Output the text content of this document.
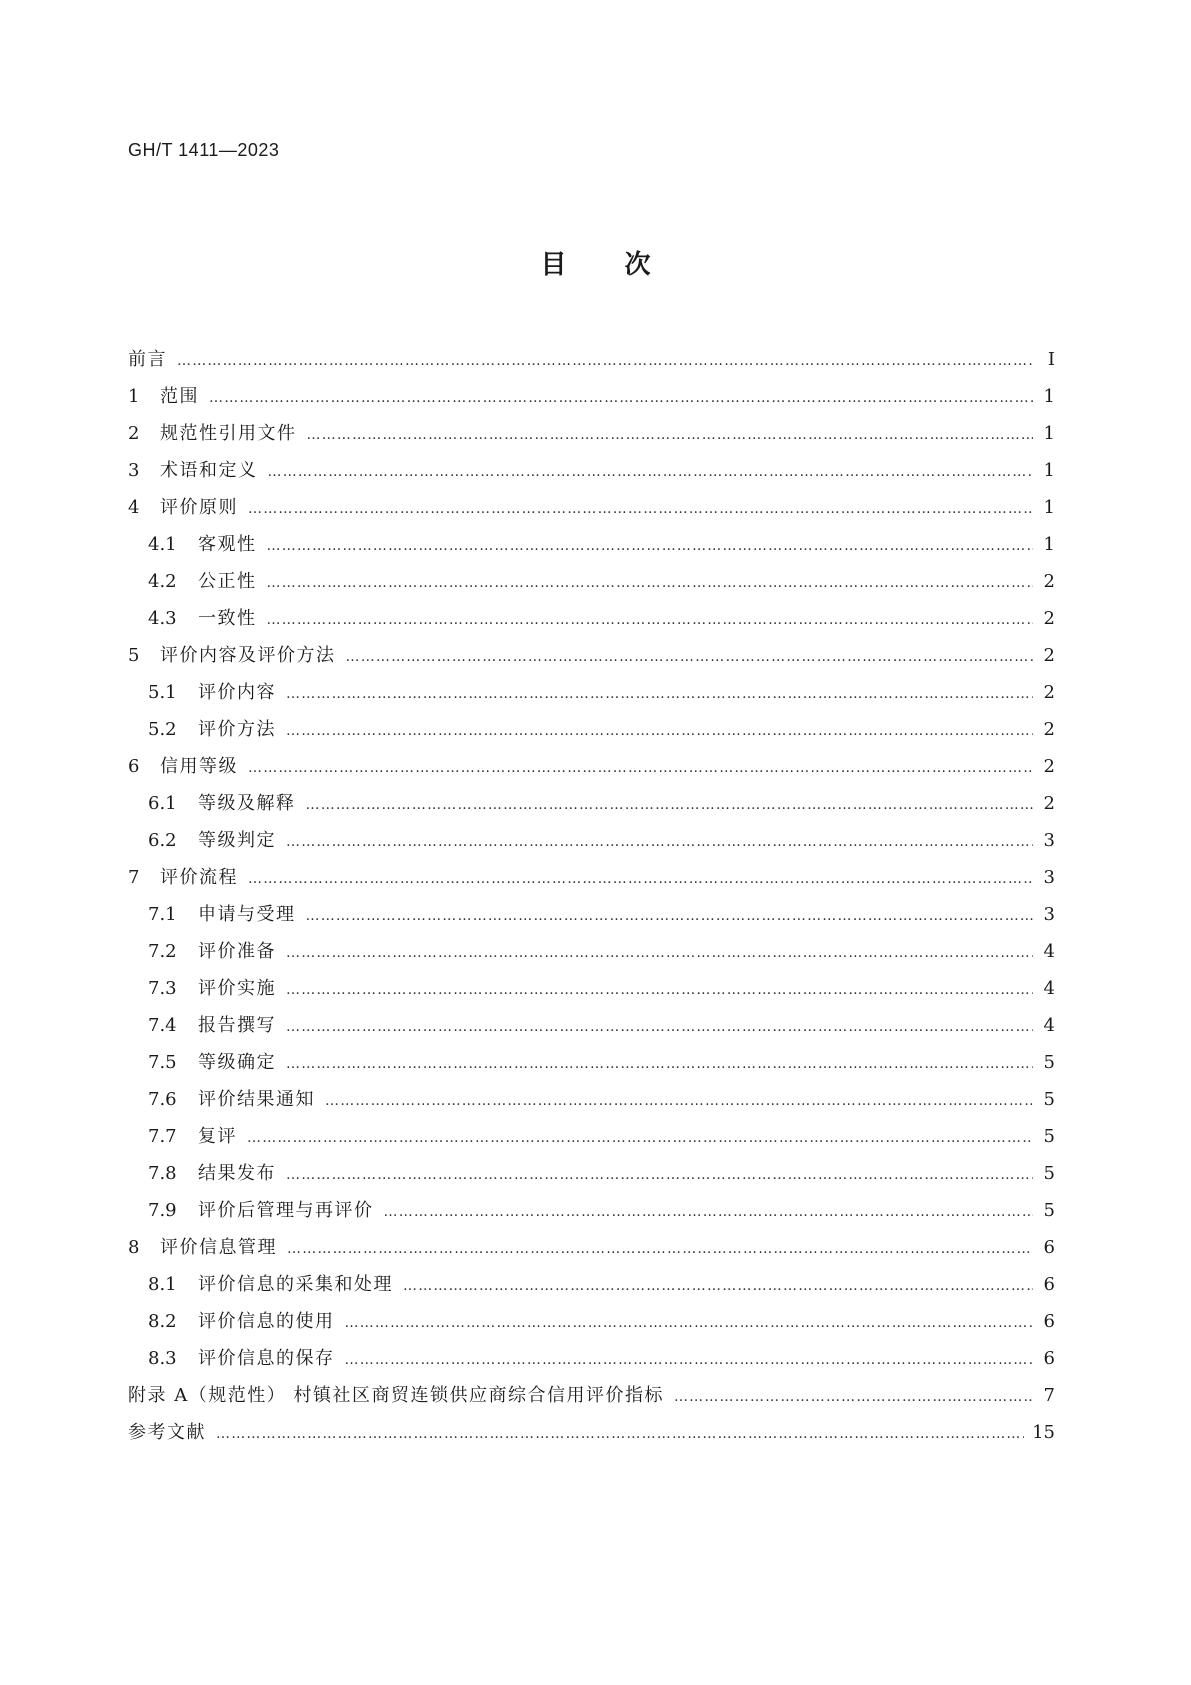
GH/T 1411—2023
目 次
前言 …………………………………………………………………………………………………………………………………………………………………………………………………………………………………………	Ⅰ
1	范围 …………………………………………………………………………………………………………………………………………………………………………………………………………………………………………	1
2	规范性引用文件 …………………………………………………………………………………………………………………………………………………………………………………………………………………………………………	1
3	术语和定义 …………………………………………………………………………………………………………………………………………………………………………………………………………………………………………	1
4	评价原则 …………………………………………………………………………………………………………………………………………………………………………………………………………………………………………	1
4.1	客观性 …………………………………………………………………………………………………………………………………………………………………………………………………………………………………………	1
4.2	公正性 …………………………………………………………………………………………………………………………………………………………………………………………………………………………………………	2
4.3	一致性 …………………………………………………………………………………………………………………………………………………………………………………………………………………………………………	2
5	评价内容及评价方法 …………………………………………………………………………………………………………………………………………………………………………………………………………………………………………	2
5.1	评价内容 …………………………………………………………………………………………………………………………………………………………………………………………………………………………………………	2
5.2	评价方法 …………………………………………………………………………………………………………………………………………………………………………………………………………………………………………	2
6	信用等级 …………………………………………………………………………………………………………………………………………………………………………………………………………………………………………	2
6.1	等级及解释 …………………………………………………………………………………………………………………………………………………………………………………………………………………………………………	2
6.2	等级判定 …………………………………………………………………………………………………………………………………………………………………………………………………………………………………………	3
7	评价流程 …………………………………………………………………………………………………………………………………………………………………………………………………………………………………………	3
7.1	申请与受理 …………………………………………………………………………………………………………………………………………………………………………………………………………………………………………	3
7.2	评价准备 …………………………………………………………………………………………………………………………………………………………………………………………………………………………………………	4
7.3	评价实施 …………………………………………………………………………………………………………………………………………………………………………………………………………………………………………	4
7.4	报告撰写 …………………………………………………………………………………………………………………………………………………………………………………………………………………………………………	4
7.5	等级确定 …………………………………………………………………………………………………………………………………………………………………………………………………………………………………………	5
7.6	评价结果通知 …………………………………………………………………………………………………………………………………………………………………………………………………………………………………………	5
7.7	复评 …………………………………………………………………………………………………………………………………………………………………………………………………………………………………………	5
7.8	结果发布 …………………………………………………………………………………………………………………………………………………………………………………………………………………………………………	5
7.9	评价后管理与再评价 …………………………………………………………………………………………………………………………………………………………………………………………………………………………………………	5
8	评价信息管理 …………………………………………………………………………………………………………………………………………………………………………………………………………………………………………	6
8.1	评价信息的采集和处理 …………………………………………………………………………………………………………………………………………………………………………………………………………………………………………	6
8.2	评价信息的使用 …………………………………………………………………………………………………………………………………………………………………………………………………………………………………………	6
8.3	评价信息的保存 …………………………………………………………………………………………………………………………………………………………………………………………………………………………………………	6
附录 A（规范性） 村镇社区商贸连锁供应商综合信用评价指标 …………………………………………………………………………………………………………………………………………………………………………………………………………………………………………	7
参考文献 …………………………………………………………………………………………………………………………………………………………………………………………………………………………………………	15
